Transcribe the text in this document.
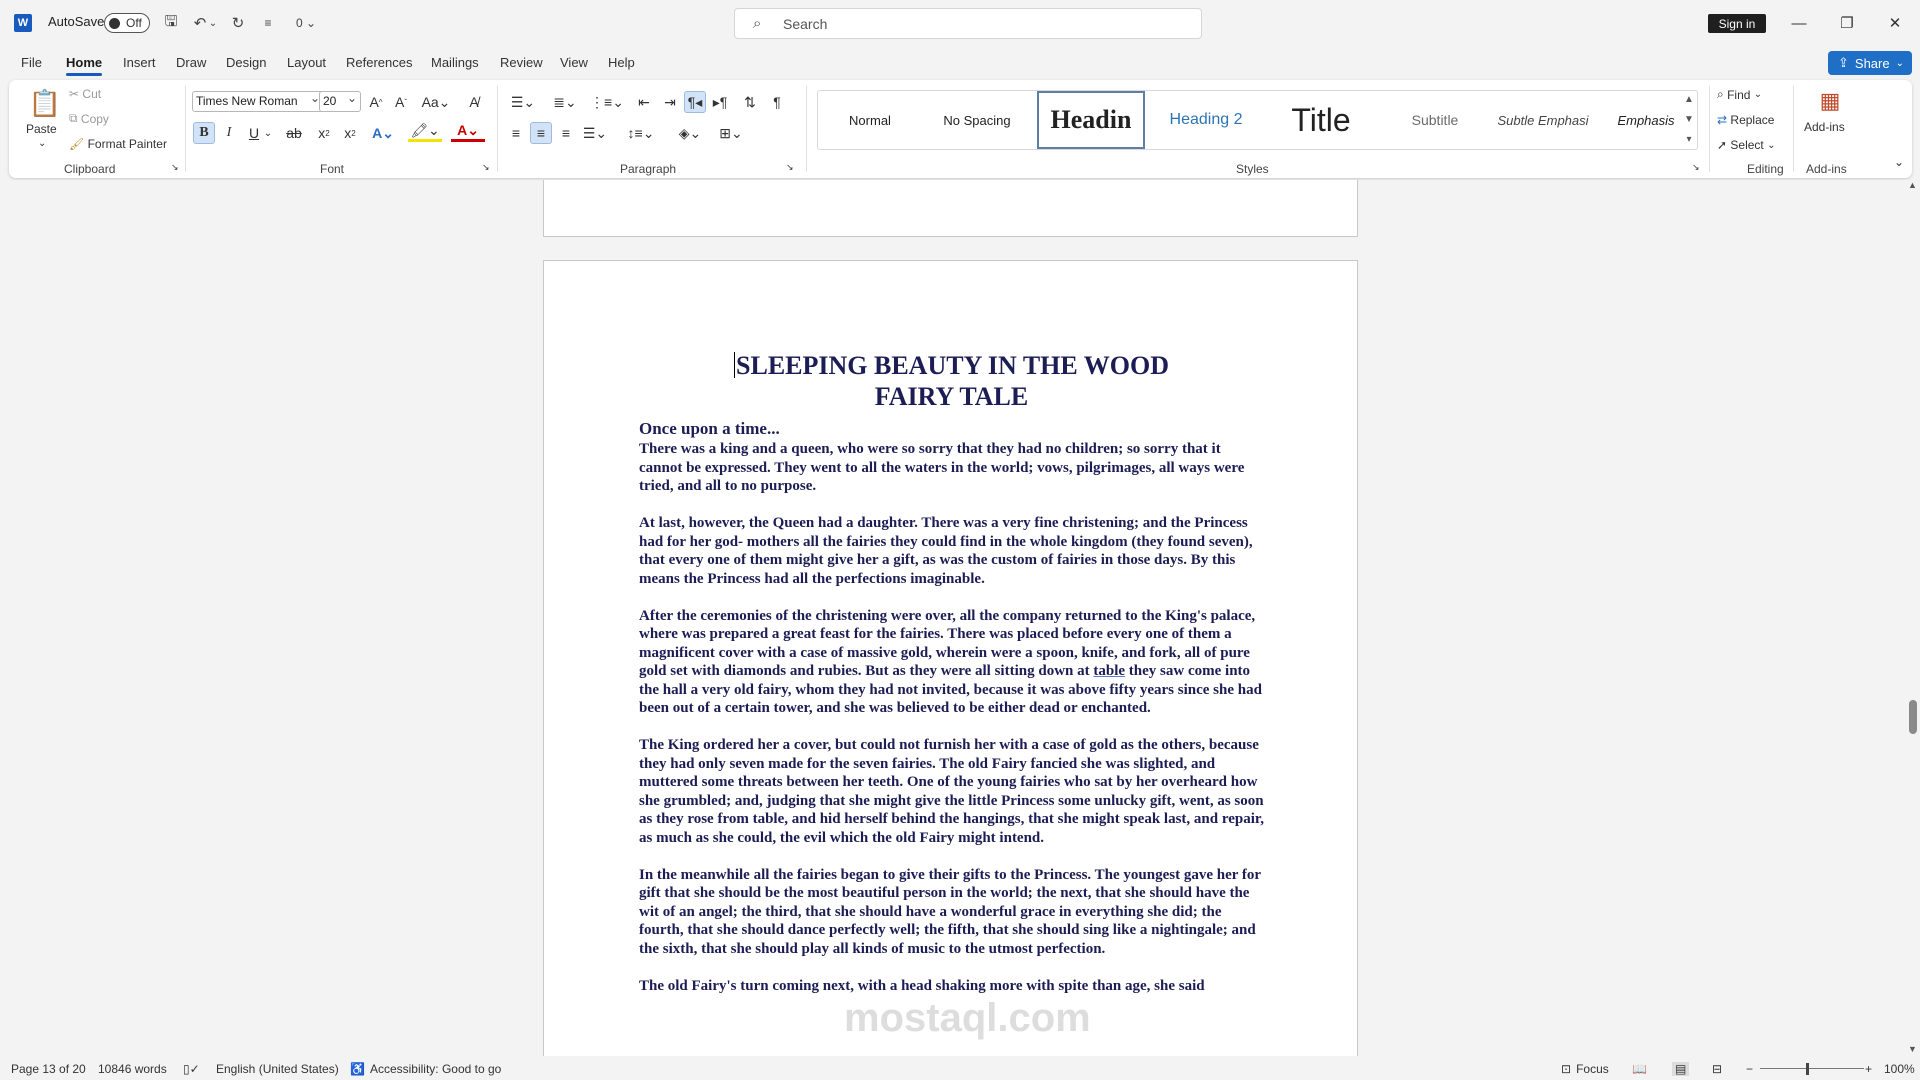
W AutoSave Off	🖫	↶ ⌄ ↻	≡	0 ⌄	⌕ Search	Sign in	—	❐	✕
File Home Insert Draw Design Layout References Mailings Review View Help	⇪ Share ⌄
📋
Paste
⌄
✂
Cut
⧉
Copy
🖌
Format Painter
Clipboard	↘
Times New Roman ⌄	20 ⌄	A ^ A ˇ Aa⌄	A̸
B	I	U ⌄ ab	x 2	x 2 A⌄ 🖍⌄	A⌄
Font	↘
☰⌄	≣⌄ ⋮≡⌄	⇤	⇥ ¶◂ ▸¶	⇅	¶
≡	≡	≡ ☰⌄	↕≡⌄	◈⌄	⊞⌄
Paragraph	↘
Normal	No Spacing	Headin	Heading 2	Title	Subtitle	Subtle Emphasi	Emphasis
▲
▼
▾
Styles	↘
⌕
Find
⌄
⇄
Replace
➚
Select
⌄
Editing
▦
Add-ins
Add-ins	⌄
SLEEPING BEAUTY IN THE WOOD
FAIRY TALE
Once upon a time...

There was a king and a queen, who were so sorry that they had no children; so sorry that it cannot be expressed. They went to all the waters in the world; vows, pilgrimages, all ways were tried, and all to no purpose.

At last, however, the Queen had a daughter. There was a very fine christening; and the Princess had for her god- mothers all the fairies they could find in the whole kingdom (they found seven), that every one of them might give her a gift, as was the custom of fairies in those days. By this means the Princess had all the perfections imaginable.

After the ceremonies of the christening were over, all the company returned to the King's palace, where was prepared a great feast for the fairies. There was placed before every one of them a magnificent cover with a case of massive gold, wherein were a spoon, knife, and fork, all of pure gold set with diamonds and rubies. But as they were all sitting down at table they saw come into the hall a very old fairy, whom they had not invited, because it was above fifty years since she had been out of a certain tower, and she was believed to be either dead or enchanted.

The King ordered her a cover, but could not furnish her with a case of gold as the others, because they had only seven made for the seven fairies. The old Fairy fancied she was slighted, and muttered some threats between her teeth. One of the young fairies who sat by her overheard how she grumbled; and, judging that she might give the little Princess some unlucky gift, went, as soon as they rose from table, and hid herself behind the hangings, that she might speak last, and repair, as much as she could, the evil which the old Fairy might intend.

In the meanwhile all the fairies began to give their gifts to the Princess. The youngest gave her for gift that she should be the most beautiful person in the world; the next, that she should have the wit of an angel; the third, that she should have a wonderful grace in everything she did; the fourth, that she should dance perfectly well; the fifth, that she should sing like a nightingale; and the sixth, that she should play all kinds of music to the utmost perfection.

The old Fairy's turn coming next, with a head shaking more with spite than age, she said

mostaql.com
▲
▼
Page 13 of 20 10846 words ▯✓ English (United States) ♿ Accessibility: Good to go	⊡ Focus 📖 ▤ ⊟ −	+ 100%
